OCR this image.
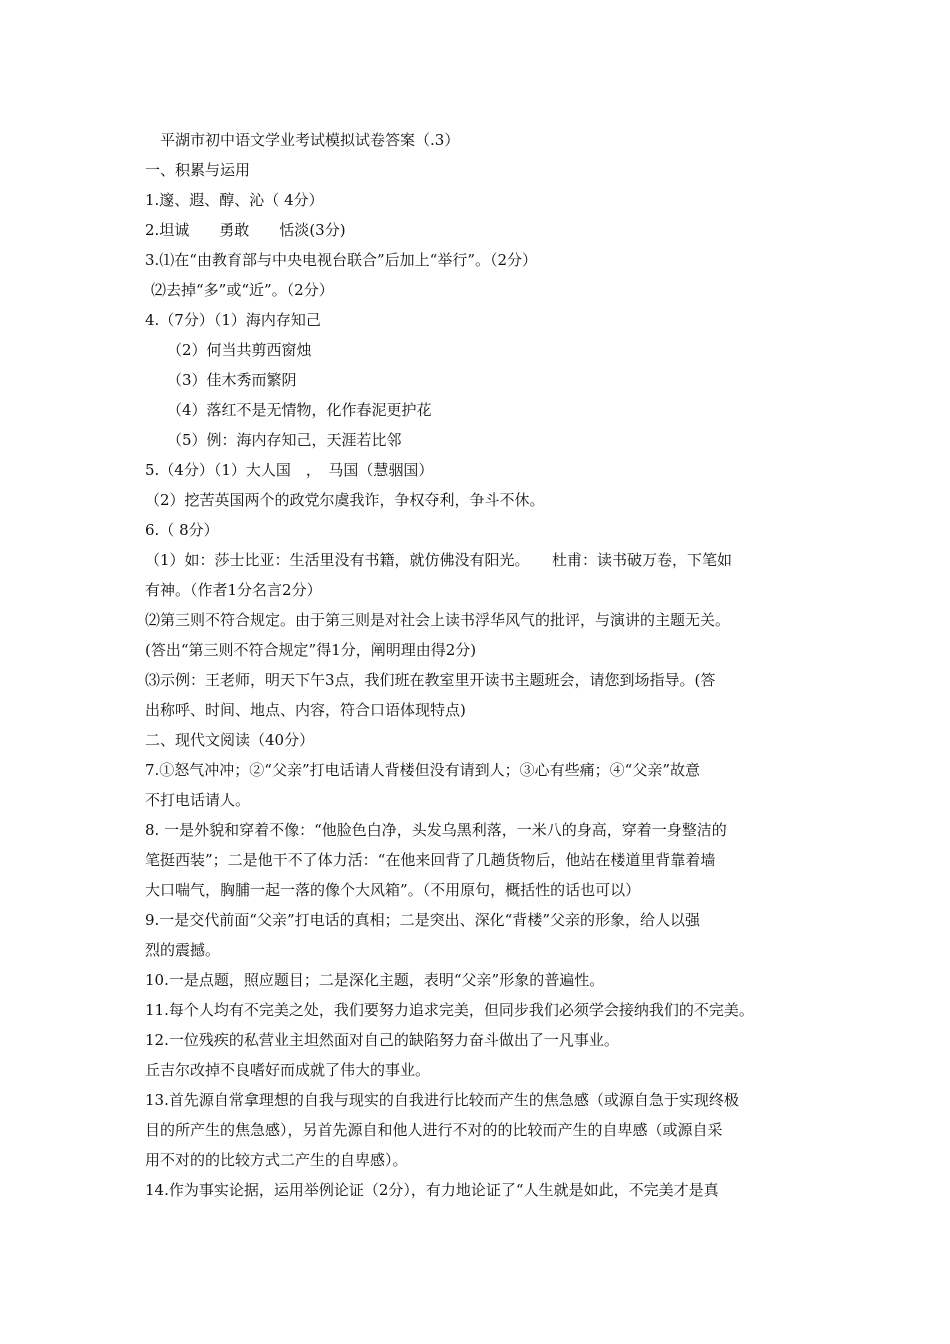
平湖市初中语文学业考试模拟试卷答案（.3）
一、积累与运用
1.邃、遐、醇、沁（ 4分）
2.坦诚　　勇敢　　恬淡(3分)
3.⑴在“由教育部与中央电视台联合”后加上“举行”。（2分）
⑵去掉“多”或“近”。（2分）
4.（7分）（1）海内存知己
（2）何当共剪西窗烛
（3）佳木秀而繁阴
（4）落红不是无情物，化作春泥更护花
（5）例：海内存知己，天涯若比邻
5.（4分）（1）大人国　，　马国（慧骃国）
（2）挖苦英国两个的政党尔虞我诈，争权夺利，争斗不休。
6.（ 8分）
（1）如：莎士比亚：生活里没有书籍，就仿佛没有阳光。　　杜甫：读书破万卷，下笔如
有神。（作者1分名言2分）
⑵第三则不符合规定。由于第三则是对社会上读书浮华风气的批评，与演讲的主题无关。
(答出“第三则不符合规定”得1分，阐明理由得2分)
⑶示例：王老师，明天下午3点，我们班在教室里开读书主题班会，请您到场指导。(答
出称呼、时间、地点、内容，符合口语体现特点)
二、现代文阅读（40分）
7.①怒气冲冲；②“父亲”打电话请人背楼但没有请到人；③心有些痛；④“父亲”故意
不打电话请人。
8. 一是外貌和穿着不像：“他脸色白净，头发乌黑利落，一米八的身高，穿着一身整洁的
笔挺西装”；二是他干不了体力活：“在他来回背了几趟货物后，他站在楼道里背靠着墙
大口喘气，胸脯一起一落的像个大风箱”。（不用原句，概括性的话也可以）
9.一是交代前面“父亲”打电话的真相；二是突出、深化“背楼”父亲的形象，给人以强
烈的震撼。
10.一是点题，照应题目；二是深化主题，表明“父亲”形象的普遍性。
11.每个人均有不完美之处，我们要努力追求完美，但同步我们必须学会接纳我们的不完美。
12.一位残疾的私营业主坦然面对自己的缺陷努力奋斗做出了一凡事业。
丘吉尔改掉不良嗜好而成就了伟大的事业。
13.首先源自常拿理想的自我与现实的自我进行比较而产生的焦急感（或源自急于实现终极
目的所产生的焦急感），另首先源自和他人进行不对的的比较而产生的自卑感（或源自采
用不对的的比较方式二产生的自卑感）。
14.作为事实论据，运用举例论证（2分），有力地论证了“人生就是如此，不完美才是真
